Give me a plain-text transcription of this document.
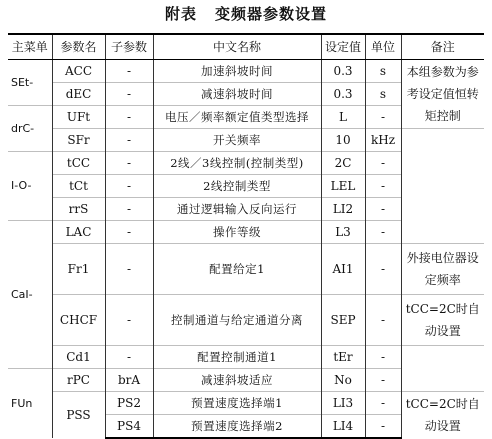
附表 变频器参数设置
主菜单	参数名	子参数	中文名称	设定值	单位	备注
SEt-	ACC	-	加速斜坡时间	0.3	s	本组参数为参考设定值恒转矩控制
	dEC	-	减速斜坡时间	0.3	s	
drC-	UFt	-	电压／频率额定值类型选择	L	-	
	SFr	-	开关频率	10	kHz	
I-O-	tCC	-	2线／3线控制(控制类型)	2C	-	
	tCt	-	2线控制类型	LEL	-	
	rrS	-	通过逻辑输入反向运行	LI2	-	
CaI-	LAC	-	操作等级	L3	-	
	Fr1	-	配置给定1	AI1	-	外接电位器设定频率
	CHCF	-	控制通道与给定通道分离	SEP	-	tCC=2C时自动设置
	Cd1	-	配置控制通道1	tEr	-	
FUn	rPC	brA	减速斜坡适应	No	-	
	PSS	PS2	预置速度选择端1	LI3	-	tCC=2C时自动设置
		PS4	预置速度选择端2	LI4	-	
